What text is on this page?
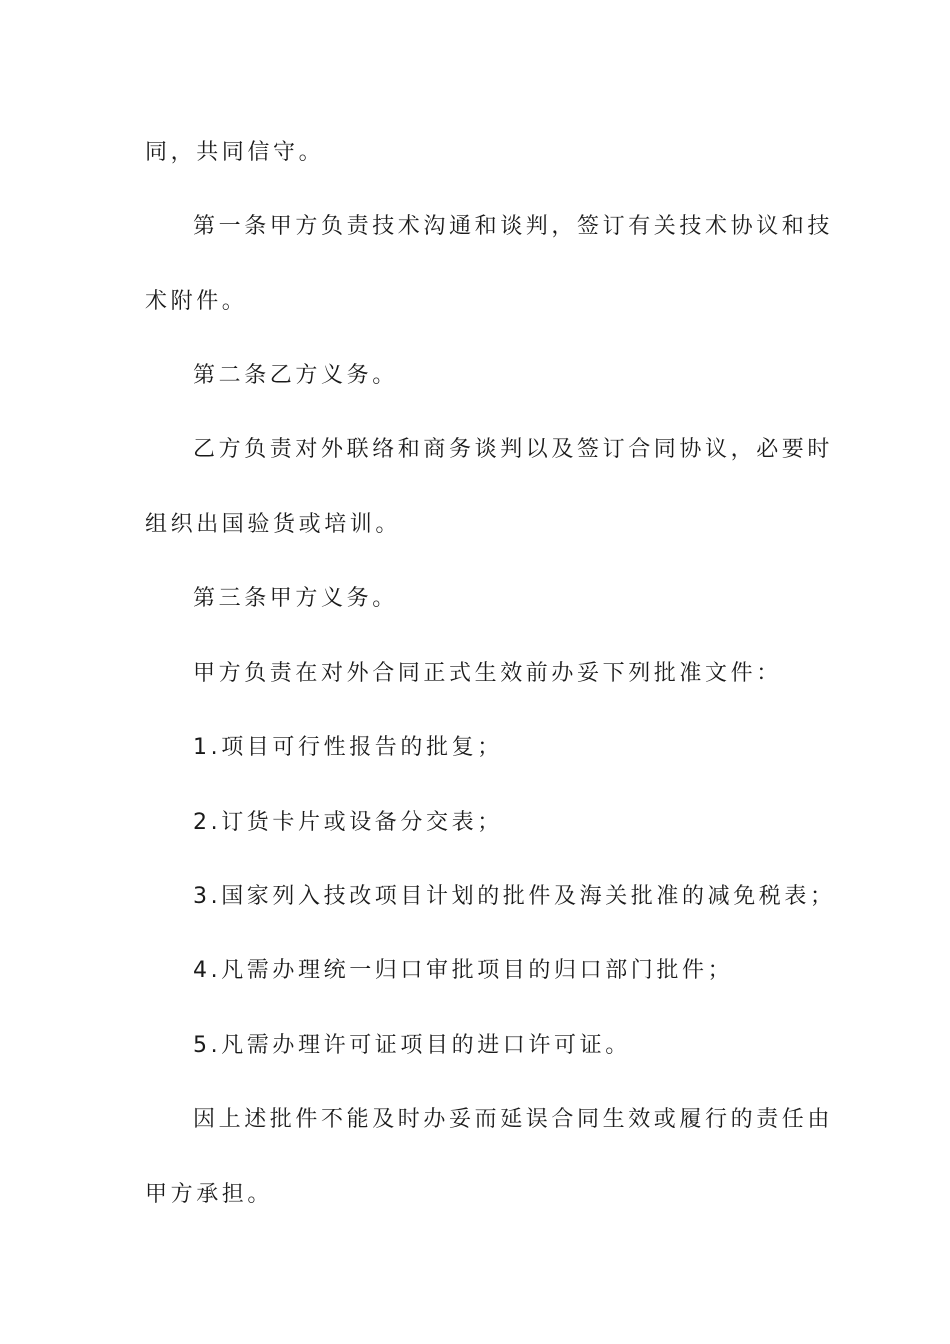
同，共同信守。
第一条甲方负责技术沟通和谈判，签订有关技术协议和技
术附件。
第二条乙方义务。
乙方负责对外联络和商务谈判以及签订合同协议，必要时
组织出国验货或培训。
第三条甲方义务。
甲方负责在对外合同正式生效前办妥下列批准文件：
1.项目可行性报告的批复；
2.订货卡片或设备分交表；
3.国家列入技改项目计划的批件及海关批准的减免税表；
4.凡需办理统一归口审批项目的归口部门批件；
5.凡需办理许可证项目的进口许可证。
因上述批件不能及时办妥而延误合同生效或履行的责任由
甲方承担。
